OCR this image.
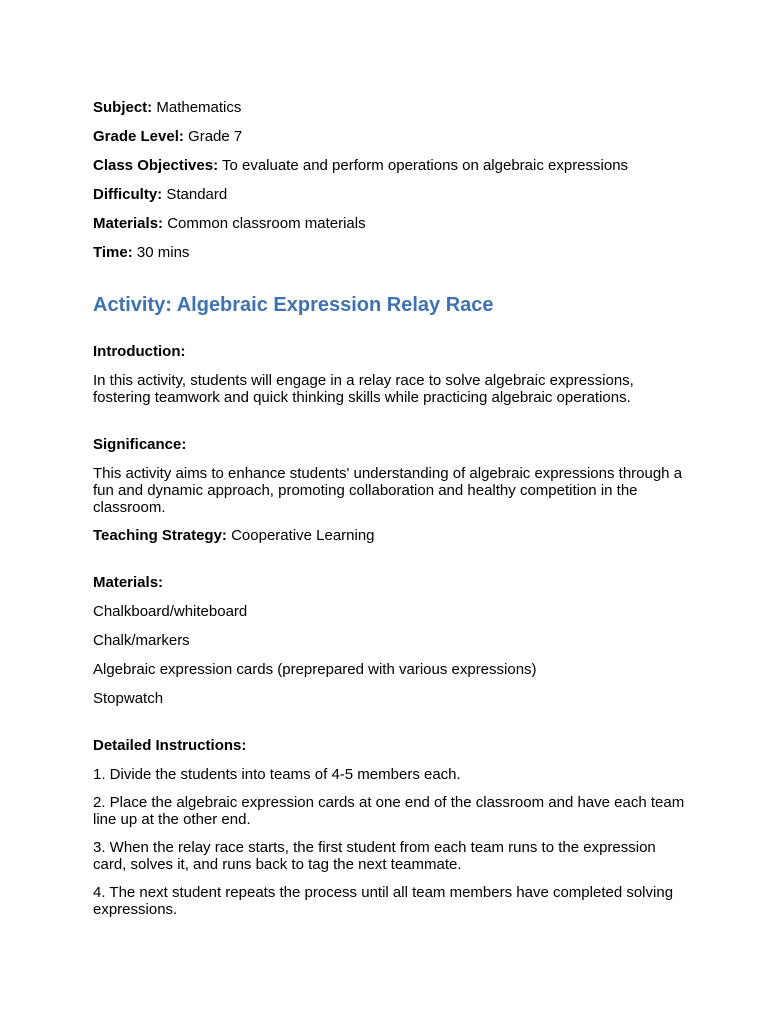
Subject: Mathematics

Grade Level: Grade 7

Class Objectives: To evaluate and perform operations on algebraic expressions

Difficulty: Standard

Materials: Common classroom materials

Time: 30 mins

Activity: Algebraic Expression Relay Race

Introduction:

In this activity, students will engage in a relay race to solve algebraic expressions, fostering teamwork and quick thinking skills while practicing algebraic operations.

Significance:

This activity aims to enhance students' understanding of algebraic expressions through a fun and dynamic approach, promoting collaboration and healthy competition in the classroom.

Teaching Strategy: Cooperative Learning

Materials:

Chalkboard/whiteboard

Chalk/markers

Algebraic expression cards (preprepared with various expressions)

Stopwatch

Detailed Instructions:

1. Divide the students into teams of 4-5 members each.

2. Place the algebraic expression cards at one end of the classroom and have each team line up at the other end.

3. When the relay race starts, the first student from each team runs to the expression card, solves it, and runs back to tag the next teammate.

4. The next student repeats the process until all team members have completed solving expressions.
